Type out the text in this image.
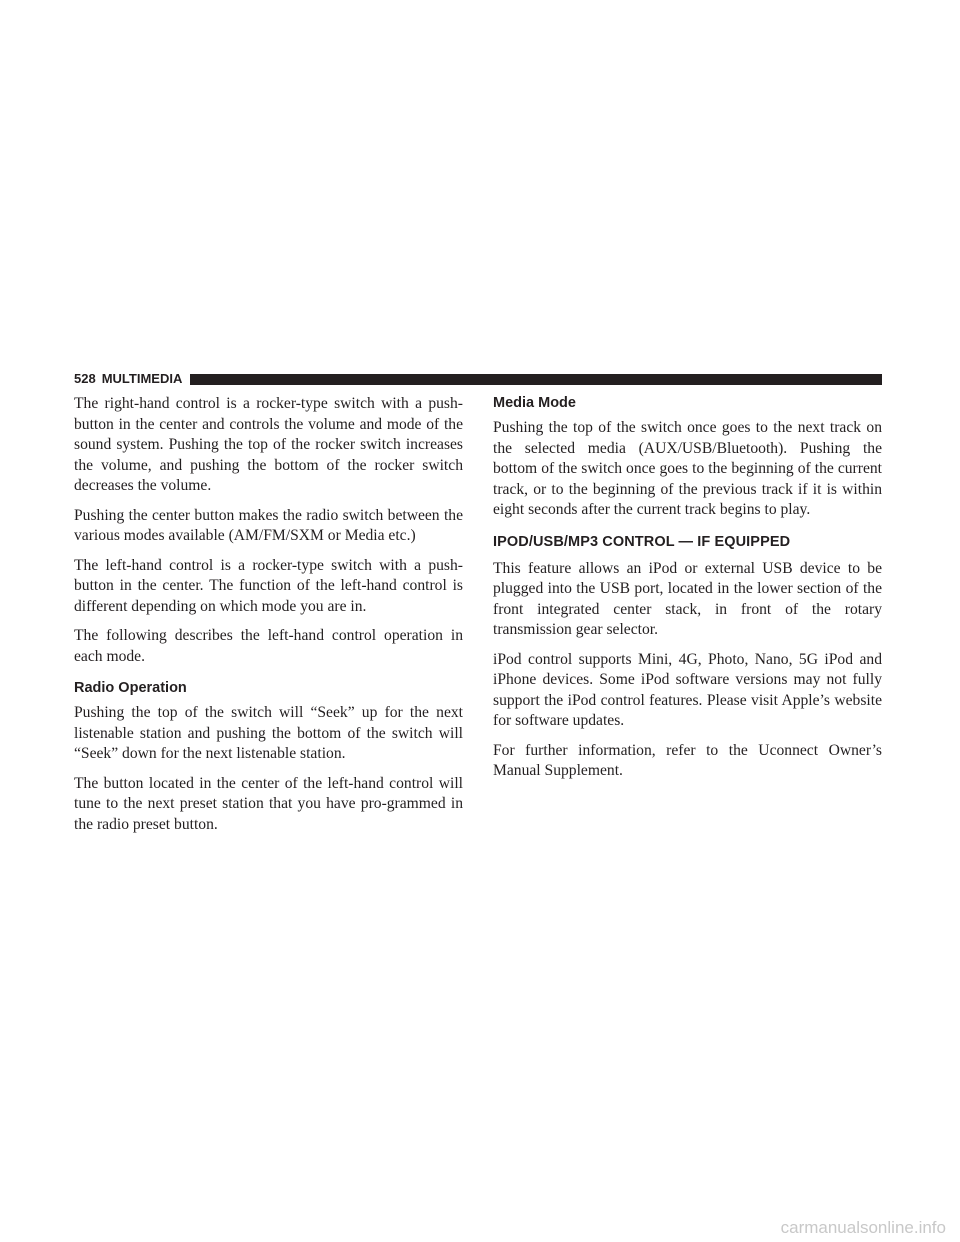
528 MULTIMEDIA

The right-hand control is a rocker-type switch with a push-button in the center and controls the volume and mode of the sound system. Pushing the top of the rocker switch increases the volume, and pushing the bottom of the rocker switch decreases the volume.

Pushing the center button makes the radio switch between the various modes available (AM/FM/SXM or Media etc.)

The left-hand control is a rocker-type switch with a push-button in the center. The function of the left-hand control is different depending on which mode you are in.

The following describes the left-hand control operation in each mode.

Radio Operation

Pushing the top of the switch will “Seek” up for the next listenable station and pushing the bottom of the switch will “Seek” down for the next listenable station.

The button located in the center of the left-hand control will tune to the next preset station that you have pro-grammed in the radio preset button.

Media Mode

Pushing the top of the switch once goes to the next track on the selected media (AUX/USB/Bluetooth). Pushing the bottom of the switch once goes to the beginning of the current track, or to the beginning of the previous track if it is within eight seconds after the current track begins to play.

IPOD/USB/MP3 CONTROL — IF EQUIPPED

This feature allows an iPod or external USB device to be plugged into the USB port, located in the lower section of the front integrated center stack, in front of the rotary transmission gear selector.

iPod control supports Mini, 4G, Photo, Nano, 5G iPod and iPhone devices. Some iPod software versions may not fully support the iPod control features. Please visit Apple’s website for software updates.

For further information, refer to the Uconnect Owner’s Manual Supplement.

carmanualsonline.info
